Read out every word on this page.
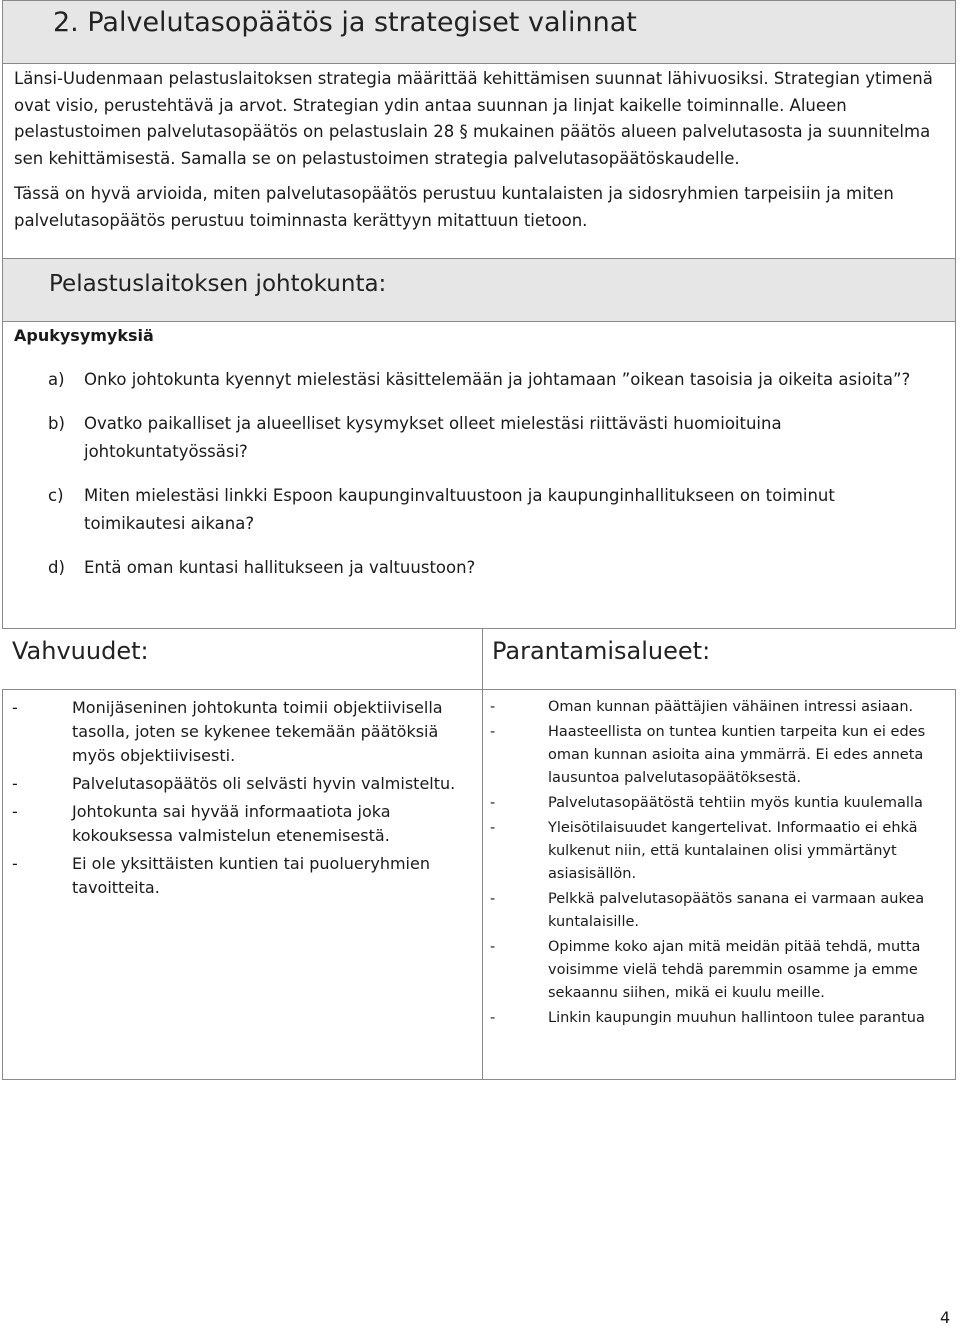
2. Palvelutasopäätös ja strategiset valinnat

Länsi-Uudenmaan pelastuslaitoksen strategia määrittää kehittämisen suunnat lähivuosiksi. Strategian ytimenä ovat visio, perustehtävä ja arvot. Strategian ydin antaa suunnan ja linjat kaikelle toiminnalle. Alueen pelastustoimen palvelutasopäätös on pelastuslain 28 § mukainen päätös alueen palvelutasosta ja suunnitelma sen kehittämisestä. Samalla se on pelastustoimen strategia palvelutasopäätöskaudelle.

Tässä on hyvä arvioida, miten palvelutasopäätös perustuu kuntalaisten ja sidosryhmien tarpeisiin ja miten palvelutasopäätös perustuu toiminnasta kerättyyn mitattuun tietoon.

Pelastuslaitoksen johtokunta:
Apukysymyksiä
a)	Onko johtokunta kyennyt mielestäsi käsittelemään ja johtamaan ”oikean tasoisia ja oikeita asioita”?
b)	Ovatko paikalliset ja alueelliset kysymykset olleet mielestäsi riittävästi huomioituina johtokuntatyössäsi?
c)	Miten mielestäsi linkki Espoon kaupunginvaltuustoon ja kaupunginhallitukseen on toiminut toimikautesi aikana?
d)	Entä oman kuntasi hallitukseen ja valtuustoon?
Vahvuudet:	Parantamisalueet:
-	Monijäseninen johtokunta toimii objektiivisella tasolla, joten se kykenee tekemään päätöksiä myös objektiivisesti.
-	Palvelutasopäätös oli selvästi hyvin valmisteltu.
-	Johtokunta sai hyvää informaatiota joka kokouksessa valmistelun etenemisestä.
-	Ei ole yksittäisten kuntien tai puolueryhmien tavoitteita.
-	Oman kunnan päättäjien vähäinen intressi asiaan.
-	Haasteellista on tuntea kuntien tarpeita kun ei edes oman kunnan asioita aina ymmärrä. Ei edes anneta lausuntoa palvelutasopäätöksestä.
-	Palvelutasopäätöstä tehtiin myös kuntia kuulemalla
-	Yleisötilaisuudet kangertelivat. Informaatio ei ehkä kulkenut niin, että kuntalainen olisi ymmärtänyt asiasisällön.
-	Pelkkä palvelutasopäätös sanana ei varmaan aukea kuntalaisille.
-	Opimme koko ajan mitä meidän pitää tehdä, mutta voisimme vielä tehdä paremmin osamme ja emme sekaannu siihen, mikä ei kuulu meille.
-	Linkin kaupungin muuhun hallintoon tulee parantua
4
